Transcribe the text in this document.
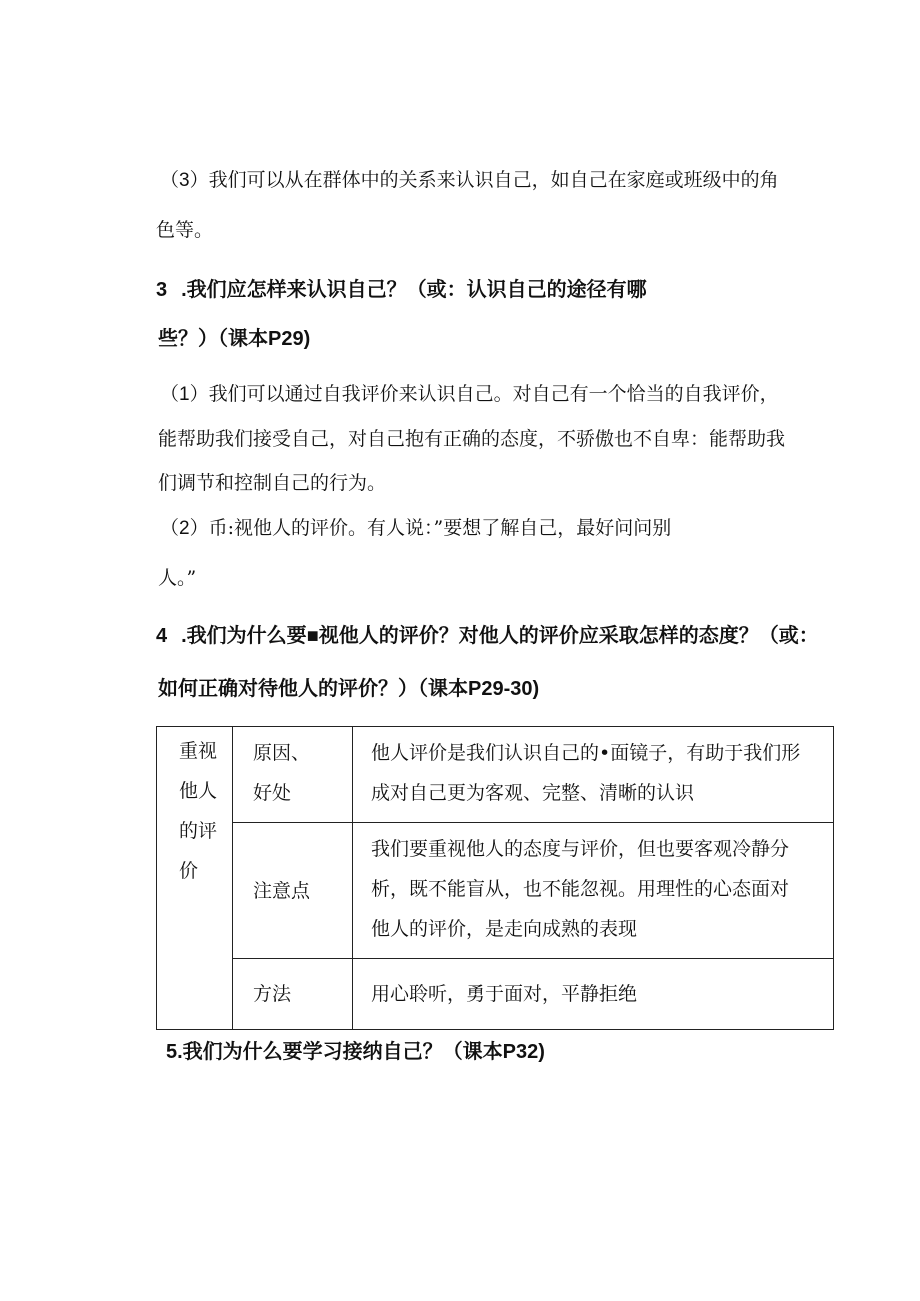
（3）我们可以从在群体中的关系来认识自己，如自己在家庭或班级中的角
色等。
3 .我们应怎样来认识自己？（或：认识自己的途径有哪
些？）（课本P29)
（1）我们可以通过自我评价来认识自己。对自己有一个恰当的自我评价，
能帮助我们接受自己，对自己抱有正确的态度，不骄傲也不自卑：能帮助我
们调节和控制自己的行为。
（2）币:视他人的评价。有人说：”要想了解自己，最好问问别
人。”
4 .我们为什么要■视他人的评价？对他人的评价应采取怎样的态度？（或：
如何正确对待他人的评价？）（课本P29-30)
重视
他人
的评
价	原因、
好处	他人评价是我们认识自己的•面镜子，有助于我们形
成对自己更为客观、完整、清晰的认识

	注意点	我们要重视他人的态度与评价，但也要客观冷静分
析，既不能盲从，也不能忽视。用理性的心态面对
他人的评价，是走向成熟的表现

	方法	用心聆听，勇于面对，平静拒绝
5.我们为什么要学习接纳自己？（课本P32)
